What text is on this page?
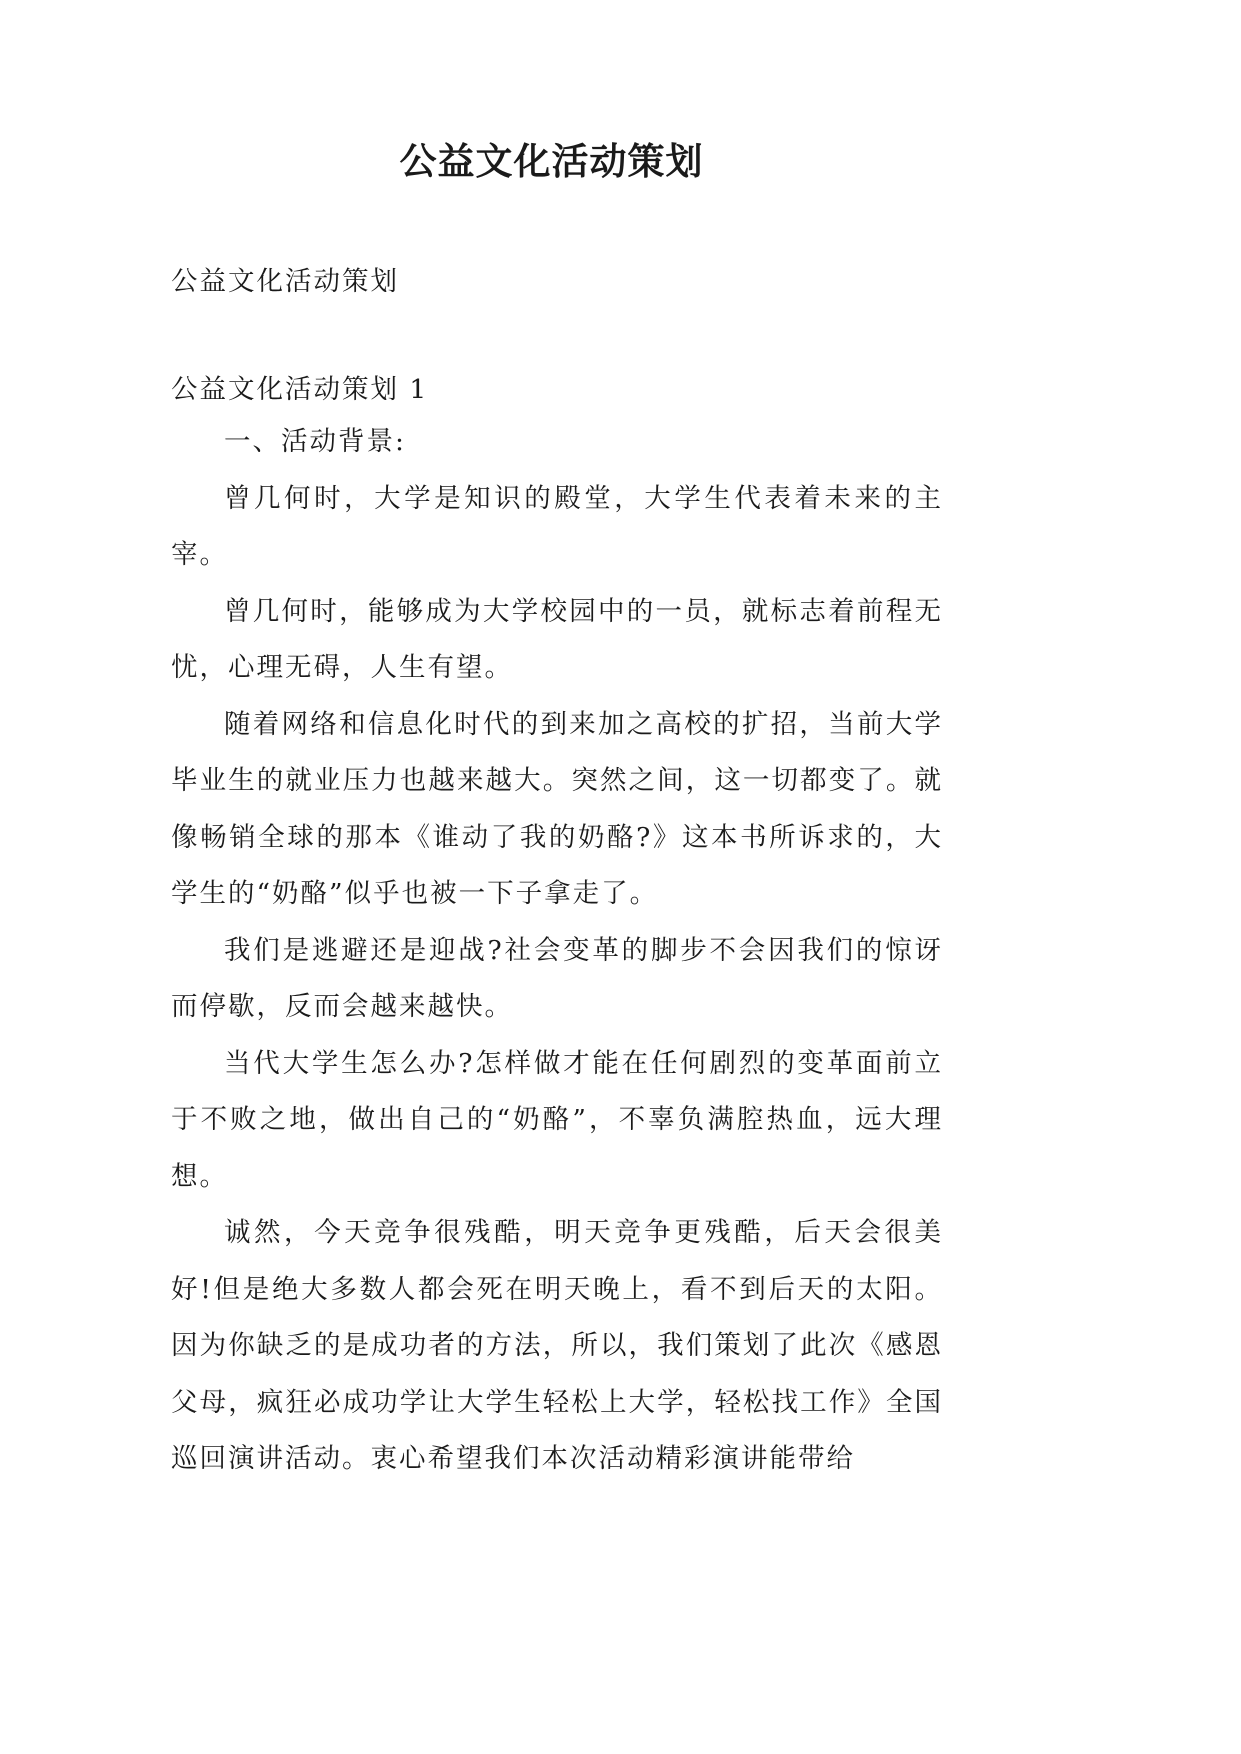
公益文化活动策划
公益文化活动策划
公益文化活动策划 1

一、活动背景:

曾几何时，大学是知识的殿堂，大学生代表着未来的主宰。

曾几何时，能够成为大学校园中的一员，就标志着前程无忧，心理无碍，人生有望。

随着网络和信息化时代的到来加之高校的扩招，当前大学毕业生的就业压力也越来越大。突然之间，这一切都变了。就像畅销全球的那本《谁动了我的奶酪?》这本书所诉求的，大学生的“奶酪”似乎也被一下子拿走了。

我们是逃避还是迎战?社会变革的脚步不会因我们的惊讶而停歇，反而会越来越快。

当代大学生怎么办?怎样做才能在任何剧烈的变革面前立于不败之地，做出自己的“奶酪”，不辜负满腔热血，远大理想。

诚然，今天竞争很残酷，明天竞争更残酷，后天会很美好!但是绝大多数人都会死在明天晚上，看不到后天的太阳。因为你缺乏的是成功者的方法，所以，我们策划了此次《感恩父母，疯狂必成功学让大学生轻松上大学，轻松找工作》全国巡回演讲活动。衷心希望我们本次活动精彩演讲能带给
